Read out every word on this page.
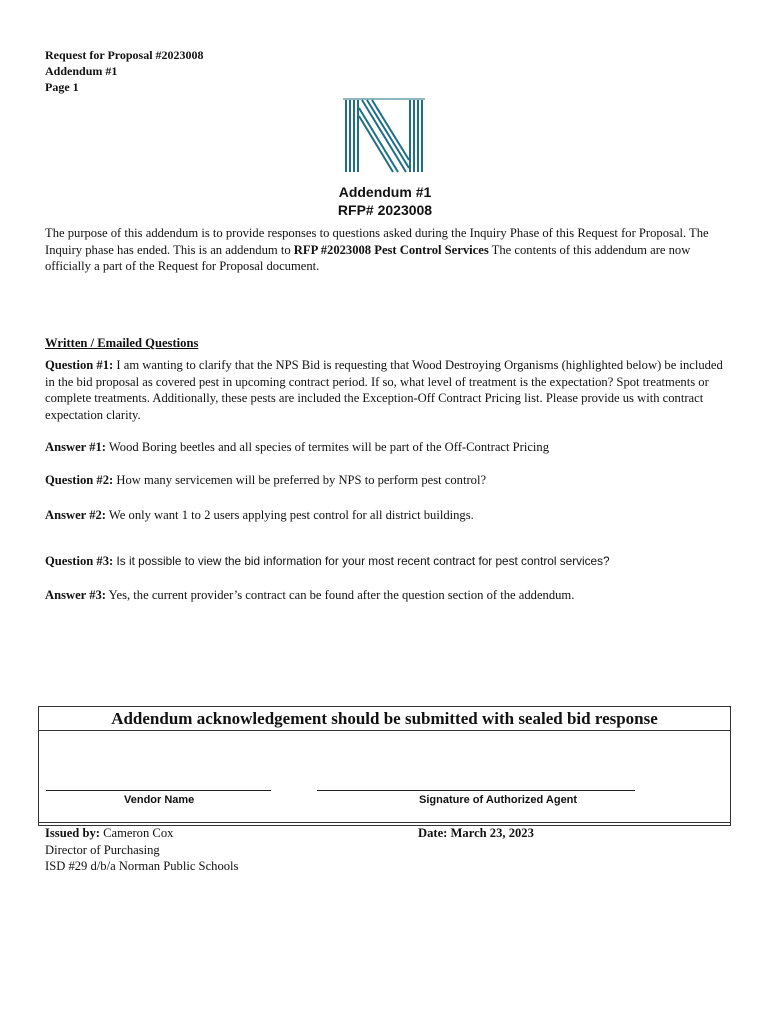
Request for Proposal #2023008
Addendum #1
Page 1
Addendum #1
RFP# 2023008
The purpose of this addendum is to provide responses to questions asked during the Inquiry Phase of this Request for Proposal. The Inquiry phase has ended. This is an addendum to RFP #2023008 Pest Control Services The contents of this addendum are now officially a part of the Request for Proposal document.
Written / Emailed Questions
Question #1: I am wanting to clarify that the NPS Bid is requesting that Wood Destroying Organisms (highlighted below) be included in the bid proposal as covered pest in upcoming contract period. If so, what level of treatment is the expectation? Spot treatments or complete treatments. Additionally, these pests are included the Exception-Off Contract Pricing list. Please provide us with contract expectation clarity.
Answer #1: Wood Boring beetles and all species of termites will be part of the Off-Contract Pricing
Question #2: How many servicemen will be preferred by NPS to perform pest control?
Answer #2: We only want 1 to 2 users applying pest control for all district buildings.
Question #3: Is it possible to view the bid information for your most recent contract for pest control services?
Answer #3: Yes, the current provider’s contract can be found after the question section of the addendum.
Addendum acknowledgement should be submitted with sealed bid response
Vendor Name	Signature of Authorized Agent
Issued by: Cameron Cox
Director of Purchasing
ISD #29 d/b/a Norman Public Schools
Date: March 23, 2023
